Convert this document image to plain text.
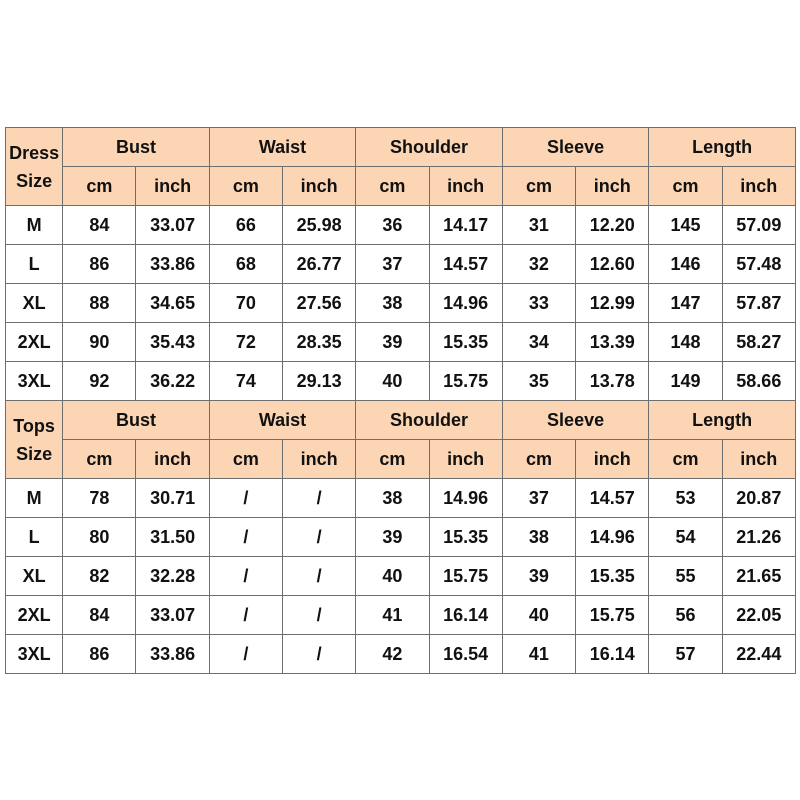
Dress
Size	Bust		Waist		Shoulder		Sleeve		Length	
	cm	inch	cm	inch	cm	inch	cm	inch	cm	inch
M	84	33.07	66	25.98	36	14.17	31	12.20	145	57.09
L	86	33.86	68	26.77	37	14.57	32	12.60	146	57.48
XL	88	34.65	70	27.56	38	14.96	33	12.99	147	57.87
2XL	90	35.43	72	28.35	39	15.35	34	13.39	148	58.27
3XL	92	36.22	74	29.13	40	15.75	35	13.78	149	58.66

Tops
Size	Bust		Waist		Shoulder		Sleeve		Length	
	cm	inch	cm	inch	cm	inch	cm	inch	cm	inch
M	78	30.71	/	/	38	14.96	37	14.57	53	20.87
L	80	31.50	/	/	39	15.35	38	14.96	54	21.26
XL	82	32.28	/	/	40	15.75	39	15.35	55	21.65
2XL	84	33.07	/	/	41	16.14	40	15.75	56	22.05
3XL	86	33.86	/	/	42	16.54	41	16.14	57	22.44
